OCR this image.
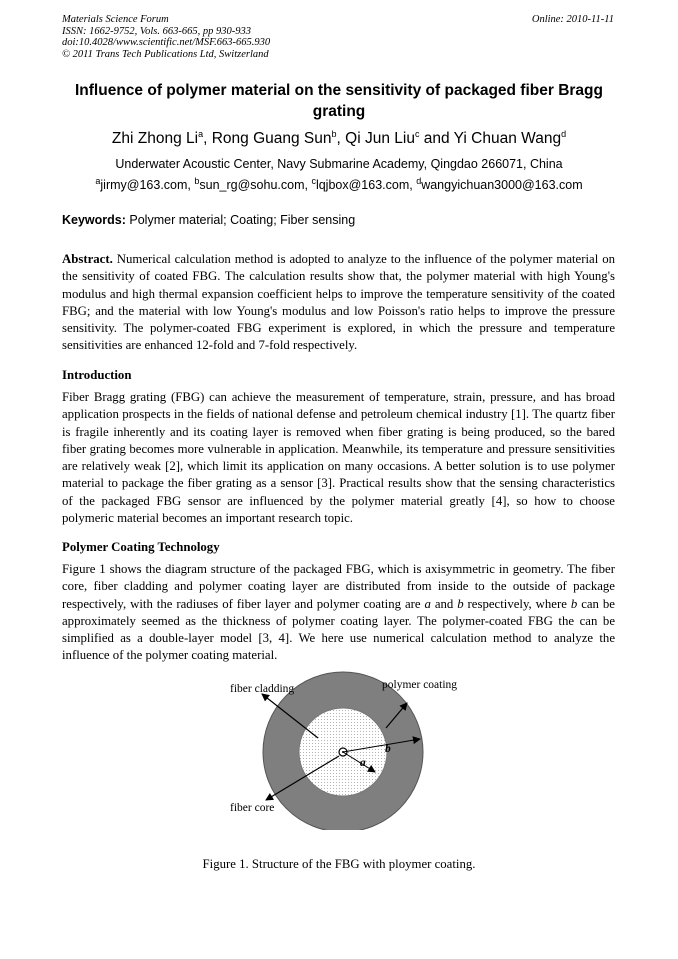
Materials Science Forum
ISSN: 1662-9752, Vols. 663-665, pp 930-933
doi:10.4028/www.scientific.net/MSF.663-665.930
© 2011 Trans Tech Publications Ltd, Switzerland
Online: 2010-11-11
Influence of polymer material on the sensitivity of packaged fiber Bragg grating
Zhi Zhong Li$^a$, Rong Guang Sun$^b$, Qi Jun Liu$^c$ and Yi Chuan Wang$^d$
Underwater Acoustic Center, Navy Submarine Academy, Qingdao 266071, China
$^a$jirmy@163.com, $^b$sun_rg@sohu.com, $^c$lqjbox@163.com, $^d$wangyichuan3000@163.com
Keywords: Polymer material; Coating; Fiber sensing
Abstract. Numerical calculation method is adopted to analyze to the influence of the polymer material on the sensitivity of coated FBG. The calculation results show that, the polymer material with high Young's modulus and high thermal expansion coefficient helps to improve the temperature sensitivity of the coated FBG; and the material with low Young's modulus and low Poisson's ratio helps to improve the pressure sensitivity. The polymer-coated FBG experiment is explored, in which the pressure and temperature sensitivities are enhanced 12-fold and 7-fold respectively.
Introduction
Fiber Bragg grating (FBG) can achieve the measurement of temperature, strain, pressure, and has broad application prospects in the fields of national defense and petroleum chemical industry [1]. The quartz fiber is fragile inherently and its coating layer is removed when fiber grating is being produced, so the bared fiber grating becomes more vulnerable in application. Meanwhile, its temperature and pressure sensitivities are relatively weak [2], which limit its application on many occasions. A better solution is to use polymer material to package the fiber grating as a sensor [3]. Practical results show that the sensing characteristics of the packaged FBG sensor are influenced by the polymer material greatly [4], so how to choose polymeric material becomes an important research topic.
Polymer Coating Technology
Figure 1 shows the diagram structure of the packaged FBG, which is axisymmetric in geometry. The fiber core, fiber cladding and polymer coating layer are distributed from inside to the outside of package respectively, with the radiuses of fiber layer and polymer coating are a and b respectively, where b can be approximately seemed as the thickness of polymer coating layer. The polymer-coated FBG the can be simplified as a double-layer model [3, 4]. We here use numerical calculation method to analyze the influence of the polymer coating material.
fiber cladding	polymer coating
fiber core
a
b
Figure 1. Structure of the FBG with ploymer coating.
